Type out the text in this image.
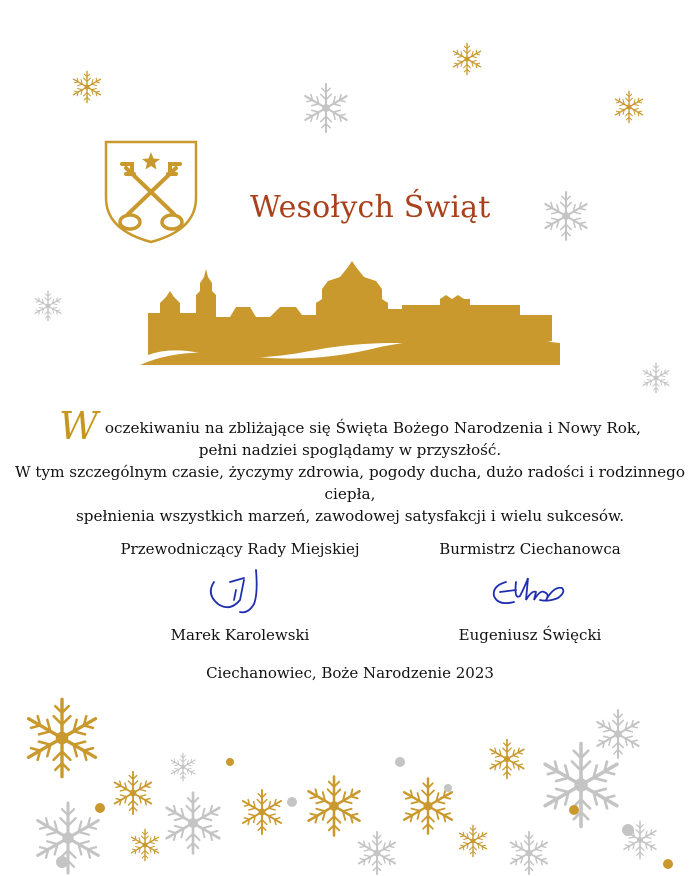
Wesołych Świąt
W oczekiwaniu na zbliżające się Święta Bożego Narodzenia i Nowy Rok,
pełni nadziei spoglądamy w przyszłość.
W tym szczególnym czasie, życzymy zdrowia, pogody ducha, dużo radości i rodzinnego ciepła,
spełnienia wszystkich marzeń, zawodowej satysfakcji i wielu sukcesów.
Przewodniczący Rady Miejskiej
Marek Karolewski
Burmistrz Ciechanowca
Eugeniusz Święcki
Ciechanowiec, Boże Narodzenie 2023
